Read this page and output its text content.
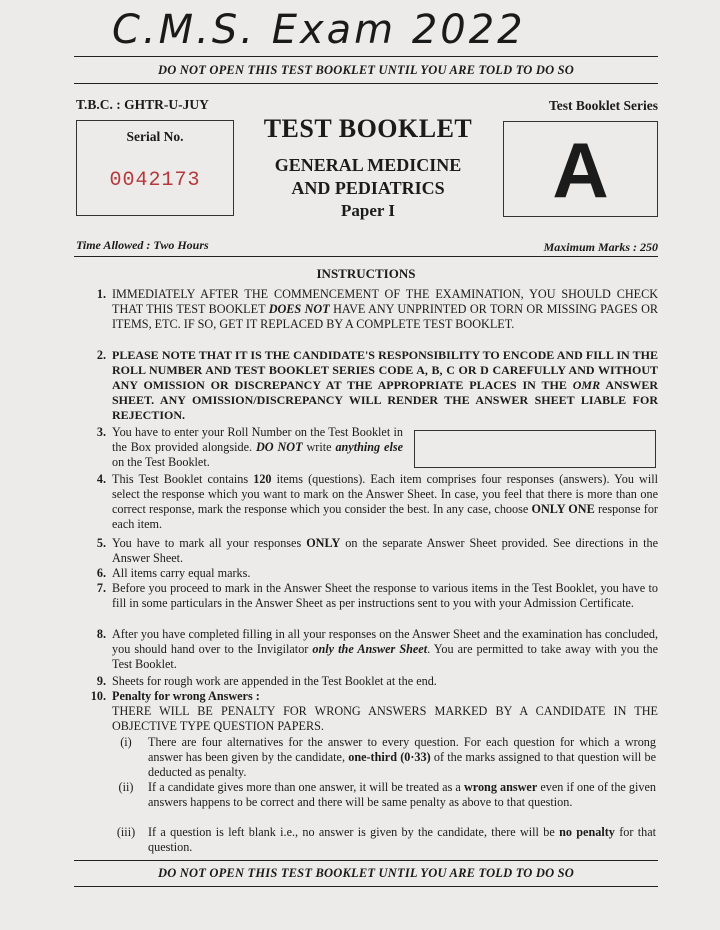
C.M.S. Exam 2022
DO NOT OPEN THIS TEST BOOKLET UNTIL YOU ARE TOLD TO DO SO
T.B.C. : GHTR-U-JUY	Test Booklet Series
Serial No.
0042173
TEST BOOKLET
GENERAL MEDICINE
AND PEDIATRICS
Paper I	A
Time Allowed : Two Hours	Maximum Marks : 250
INSTRUCTIONS
1. IMMEDIATELY AFTER THE COMMENCEMENT OF THE EXAMINATION, YOU SHOULD CHECK THAT THIS TEST BOOKLET DOES NOT HAVE ANY UNPRINTED OR TORN OR MISSING PAGES OR ITEMS, ETC. IF SO, GET IT REPLACED BY A COMPLETE TEST BOOKLET.
2. PLEASE NOTE THAT IT IS THE CANDIDATE'S RESPONSIBILITY TO ENCODE AND FILL IN THE ROLL NUMBER AND TEST BOOKLET SERIES CODE A, B, C OR D CAREFULLY AND WITHOUT ANY OMISSION OR DISCREPANCY AT THE APPROPRIATE PLACES IN THE OMR ANSWER SHEET. ANY OMISSION/DISCREPANCY WILL RENDER THE ANSWER SHEET LIABLE FOR REJECTION.
3. You have to enter your Roll Number on the Test Booklet in the Box provided alongside. DO NOT write anything else on the Test Booklet.
4. This Test Booklet contains 120 items (questions). Each item comprises four responses (answers). You will select the response which you want to mark on the Answer Sheet. In case, you feel that there is more than one correct response, mark the response which you consider the best. In any case, choose ONLY ONE response for each item.
5. You have to mark all your responses ONLY on the separate Answer Sheet provided. See directions in the Answer Sheet.
6. All items carry equal marks.
7. Before you proceed to mark in the Answer Sheet the response to various items in the Test Booklet, you have to fill in some particulars in the Answer Sheet as per instructions sent to you with your Admission Certificate.
8. After you have completed filling in all your responses on the Answer Sheet and the examination has concluded, you should hand over to the Invigilator only the Answer Sheet. You are permitted to take away with you the Test Booklet.
9. Sheets for rough work are appended in the Test Booklet at the end.
10. Penalty for wrong Answers :
THERE WILL BE PENALTY FOR WRONG ANSWERS MARKED BY A CANDIDATE IN THE OBJECTIVE TYPE QUESTION PAPERS.
(i)	There are four alternatives for the answer to every question. For each question for which a wrong answer has been given by the candidate, one-third (0·33) of the marks assigned to that question will be deducted as penalty.
(ii)	If a candidate gives more than one answer, it will be treated as a wrong answer even if one of the given answers happens to be correct and there will be same penalty as above to that question.
(iii)	If a question is left blank i.e., no answer is given by the candidate, there will be no penalty for that question.
DO NOT OPEN THIS TEST BOOKLET UNTIL YOU ARE TOLD TO DO SO
